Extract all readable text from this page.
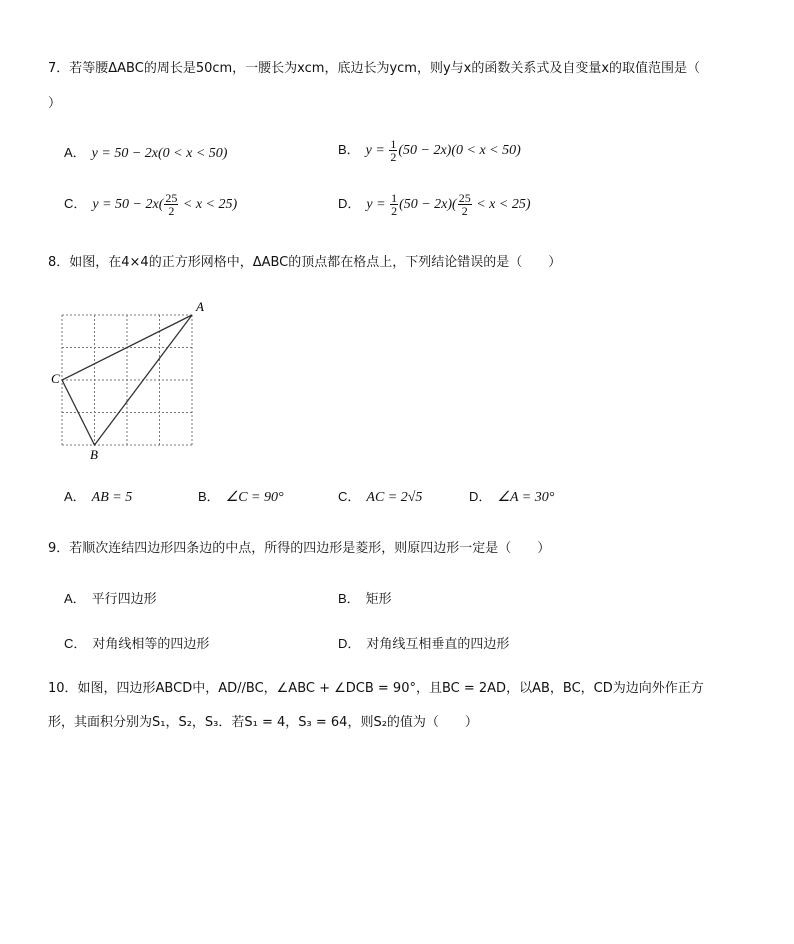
7．若等腰ΔABC的周长是50cm，一腰长为xcm，底边长为ycm，则y与x的函数关系式及自变量x的取值范围是（
）
A． y = 50 − 2x(0 < x < 50)	B． $y = \frac{1}{2} (50 - 2x)(0 < x < 50)$
C． $y = 50 - 2x( \frac{25}{2} < x < 25)$	D． $y = \frac{1}{2} (50 - 2x)( \frac{25}{2} < x < 25)$
8．如图，在4×4的正方形网格中，ΔABC的顶点都在格点上，下列结论错误的是（　　）
A
C
B
A． AB = 5	B． ∠C = 90°	C． AC = 2√5	D． ∠A = 30°
9．若顺次连结四边形四条边的中点，所得的四边形是菱形，则原四边形一定是（　　）
A． 平行四边形	B． 矩形
C． 对角线相等的四边形	D． 对角线互相垂直的四边形
10．如图，四边形ABCD中，AD//BC，∠ABC + ∠DCB = 90°，且BC = 2AD，以AB，BC，CD为边向外作正方
形，其面积分别为S₁，S₂，S₃．若S₁ = 4，S₃ = 64，则S₂的值为（　　）
